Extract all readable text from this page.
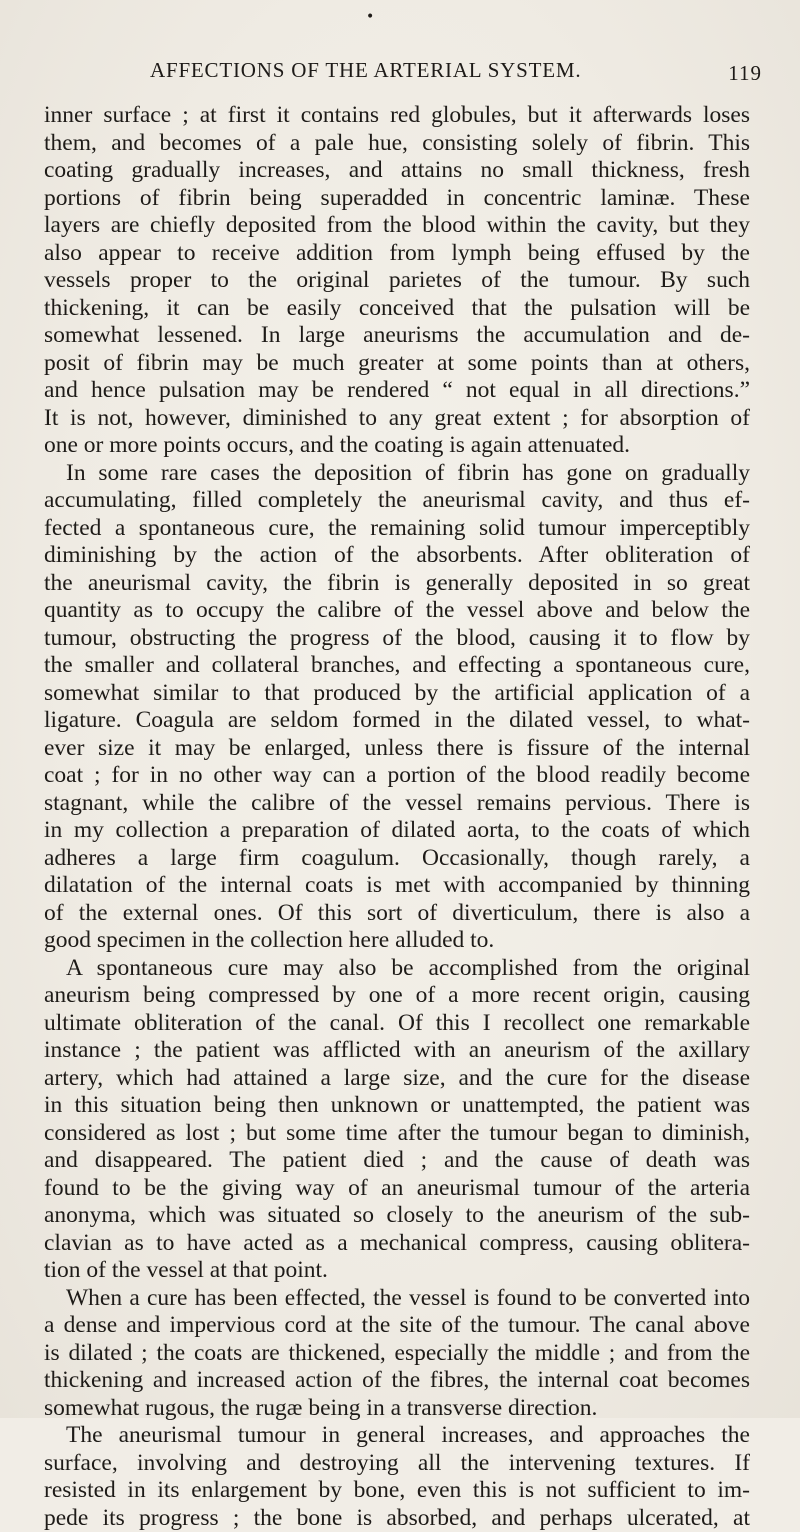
•
AFFECTIONS OF THE ARTERIAL SYSTEM.	119
inner surface ; at first it contains red globules, but it afterwards loses
them, and becomes of a pale hue, consisting solely of fibrin. This
coating gradually increases, and attains no small thickness, fresh
portions of fibrin being superadded in concentric laminæ. These
layers are chiefly deposited from the blood within the cavity, but they
also appear to receive addition from lymph being effused by the
vessels proper to the original parietes of the tumour. By such
thickening, it can be easily conceived that the pulsation will be
somewhat lessened. In large aneurisms the accumulation and de-
posit of fibrin may be much greater at some points than at others,
and hence pulsation may be rendered “ not equal in all directions.”
It is not, however, diminished to any great extent ; for absorption of
one or more points occurs, and the coating is again attenuated.
In some rare cases the deposition of fibrin has gone on gradually
accumulating, filled completely the aneurismal cavity, and thus ef-
fected a spontaneous cure, the remaining solid tumour imperceptibly
diminishing by the action of the absorbents. After obliteration of
the aneurismal cavity, the fibrin is generally deposited in so great
quantity as to occupy the calibre of the vessel above and below the
tumour, obstructing the progress of the blood, causing it to flow by
the smaller and collateral branches, and effecting a spontaneous cure,
somewhat similar to that produced by the artificial application of a
ligature. Coagula are seldom formed in the dilated vessel, to what-
ever size it may be enlarged, unless there is fissure of the internal
coat ; for in no other way can a portion of the blood readily become
stagnant, while the calibre of the vessel remains pervious. There is
in my collection a preparation of dilated aorta, to the coats of which
adheres a large firm coagulum. Occasionally, though rarely, a
dilatation of the internal coats is met with accompanied by thinning
of the external ones. Of this sort of diverticulum, there is also a
good specimen in the collection here alluded to.
A spontaneous cure may also be accomplished from the original
aneurism being compressed by one of a more recent origin, causing
ultimate obliteration of the canal. Of this I recollect one remarkable
instance ; the patient was afflicted with an aneurism of the axillary
artery, which had attained a large size, and the cure for the disease
in this situation being then unknown or unattempted, the patient was
considered as lost ; but some time after the tumour began to diminish,
and disappeared. The patient died ; and the cause of death was
found to be the giving way of an aneurismal tumour of the arteria
anonyma, which was situated so closely to the aneurism of the sub-
clavian as to have acted as a mechanical compress, causing oblitera-
tion of the vessel at that point.
When a cure has been effected, the vessel is found to be converted into
a dense and impervious cord at the site of the tumour. The canal above
is dilated ; the coats are thickened, especially the middle ; and from the
thickening and increased action of the fibres, the internal coat becomes
somewhat rugous, the rugæ being in a transverse direction.
The aneurismal tumour in general increases, and approaches the
surface, involving and destroying all the intervening textures. If
resisted in its enlargement by bone, even this is not sufficient to im-
pede its progress ; the bone is absorbed, and perhaps ulcerated, at
